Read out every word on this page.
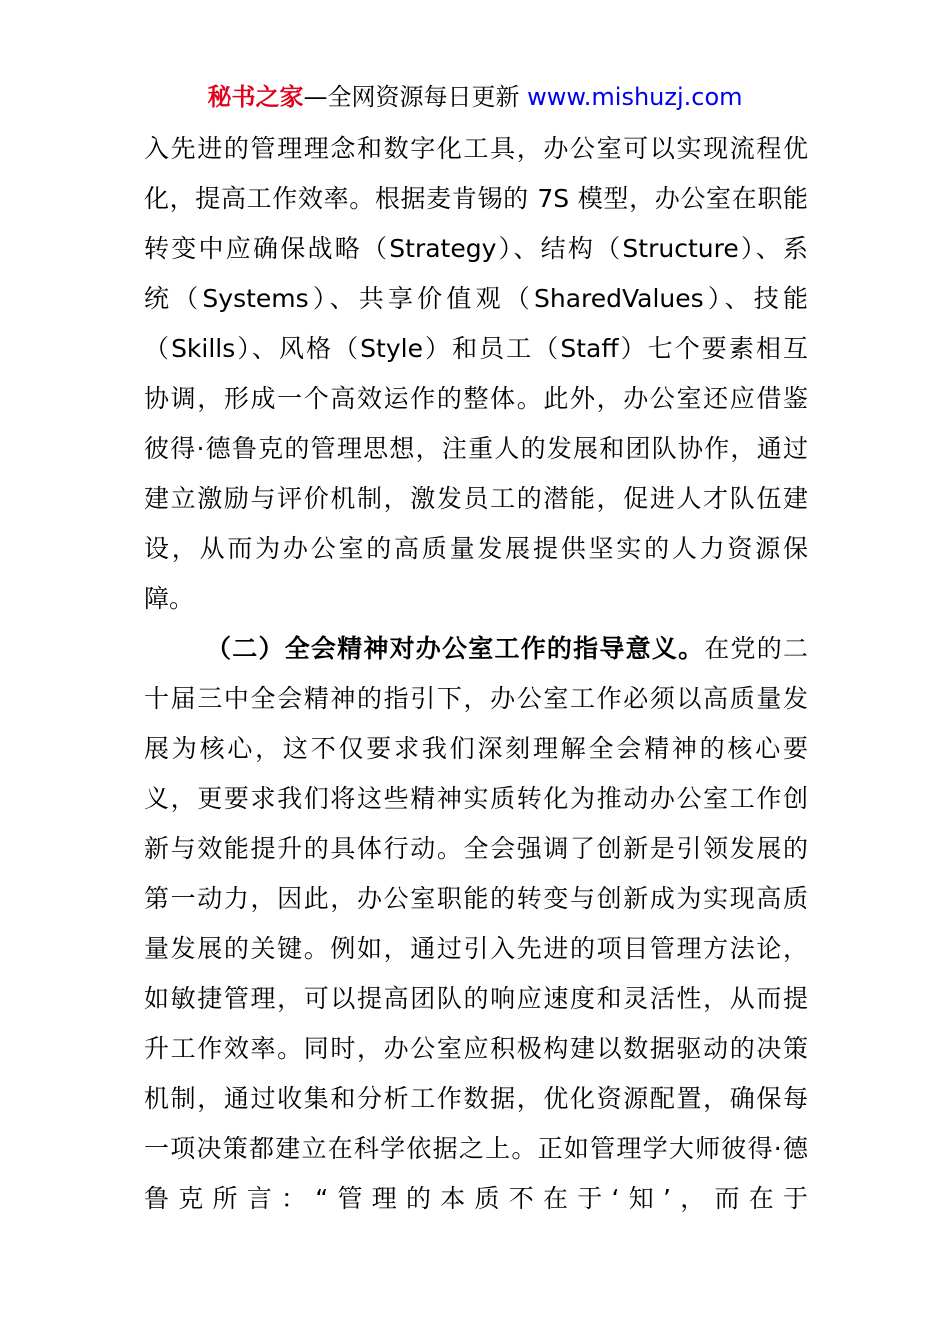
秘书之家—全网资源每日更新 www.mishuzj.com
入先进的管理理念和数字化工具，办公室可以实现流程优
化，提高工作效率。根据麦肯锡的 7S 模型，办公室在职能
转变中应确保战略（Strategy）、结构（Structure）、系
统（Systems）、共享价值观（SharedValues）、技能
（Skills）、风格（Style）和员工（Staff）七个要素相互
协调，形成一个高效运作的整体。此外，办公室还应借鉴
彼得·德鲁克的管理思想，注重人的发展和团队协作，通过
建立激励与评价机制，激发员工的潜能，促进人才队伍建
设，从而为办公室的高质量发展提供坚实的人力资源保
障。
（二）全会精神对办公室工作的指导意义。在党的二
十届三中全会精神的指引下，办公室工作必须以高质量发
展为核心，这不仅要求我们深刻理解全会精神的核心要
义，更要求我们将这些精神实质转化为推动办公室工作创
新与效能提升的具体行动。全会强调了创新是引领发展的
第一动力，因此，办公室职能的转变与创新成为实现高质
量发展的关键。例如，通过引入先进的项目管理方法论，
如敏捷管理，可以提高团队的响应速度和灵活性，从而提
升工作效率。同时，办公室应积极构建以数据驱动的决策
机制，通过收集和分析工作数据，优化资源配置，确保每
一项决策都建立在科学依据之上。正如管理学大师彼得·德
鲁克所言：“管理的本质不在于‘知’，而在于
